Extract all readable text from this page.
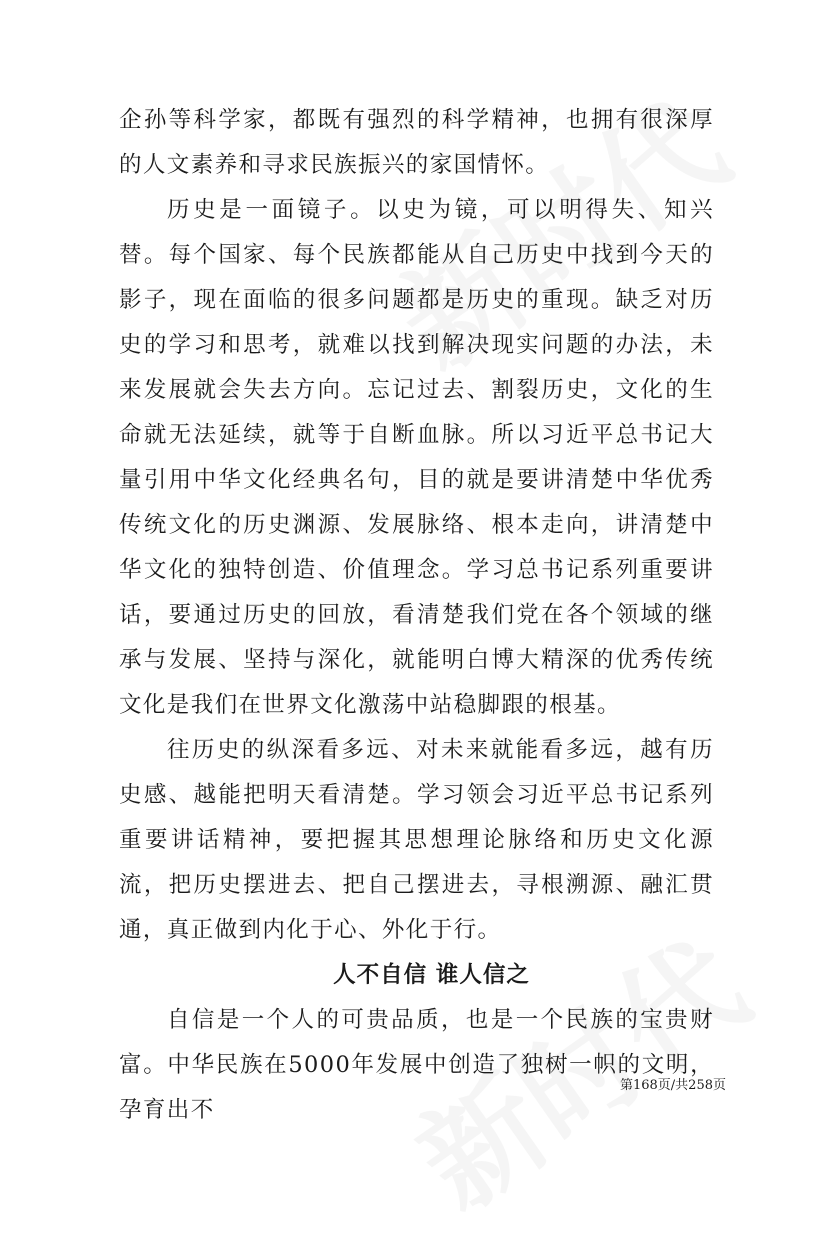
企孙等科学家，都既有强烈的科学精神，也拥有很深厚的人文素养和寻求民族振兴的家国情怀。

历史是一面镜子。以史为镜，可以明得失、知兴替。每个国家、每个民族都能从自己历史中找到今天的影子，现在面临的很多问题都是历史的重现。缺乏对历史的学习和思考，就难以找到解决现实问题的办法，未来发展就会失去方向。忘记过去、割裂历史，文化的生命就无法延续，就等于自断血脉。所以习近平总书记大量引用中华文化经典名句，目的就是要讲清楚中华优秀传统文化的历史渊源、发展脉络、根本走向，讲清楚中华文化的独特创造、价值理念。学习总书记系列重要讲话，要通过历史的回放，看清楚我们党在各个领域的继承与发展、坚持与深化，就能明白博大精深的优秀传统文化是我们在世界文化激荡中站稳脚跟的根基。

往历史的纵深看多远、对未来就能看多远，越有历史感、越能把明天看清楚。学习领会习近平总书记系列重要讲话精神，要把握其思想理论脉络和历史文化源流，把历史摆进去、把自己摆进去，寻根溯源、融汇贯通，真正做到内化于心、外化于行。

人不自信 谁人信之

自信是一个人的可贵品质，也是一个民族的宝贵财富。中华民族在5000年发展中创造了独树一帜的文明，孕育出不

第168页/共258页
